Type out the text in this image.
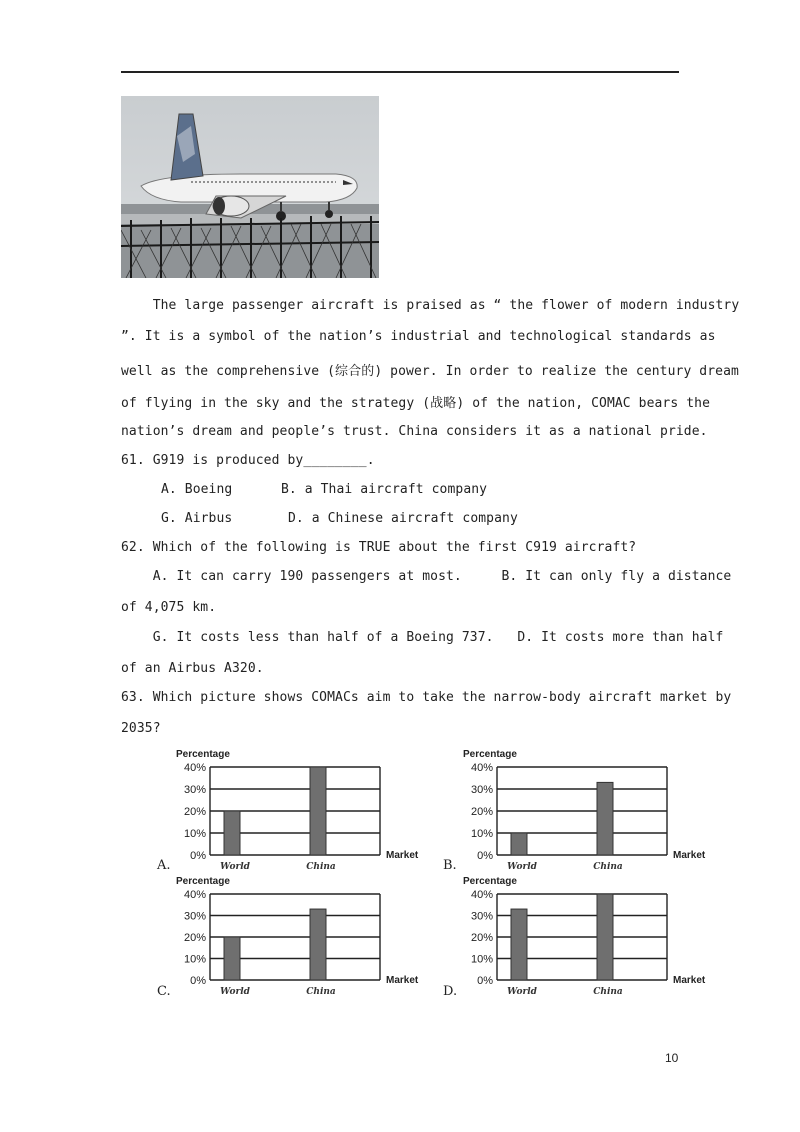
The large passenger aircraft is praised as “ the flower of modern industry
”. It is a symbol of the nation’s industrial and technological standards as
well as the comprehensive (综合的) power. In order to realize the century dream
of flying in the sky and the strategy (战略) of the nation, COMAC bears the
nation’s dream and people’s trust. China considers it as a national pride.
61. G919 is produced by________.
A. Boeing	B. a Thai aircraft company
G. Airbus	D. a Chinese aircraft company
62. Which of the following is TRUE about the first C919 aircraft?
A. It can carry 190 passengers at most.     B. It can only fly a distance
of 4,075 km.
G. It costs less than half of a Boeing 737.   D. It costs more than half
of an Airbus A320.
63. Which picture shows COMACs aim to take the narrow-body aircraft market by
2035?
Percentage
0%
10%
20%
30%
40%
World	China
Market
Percentage
0%
10%
20%
30%
40%
World	China
Market
Percentage
0%
10%
20%
30%
40%
World	China
Market
Percentage
0%
10%
20%
30%
40%
World	China
Market
A.	B.
C.	D.
10
